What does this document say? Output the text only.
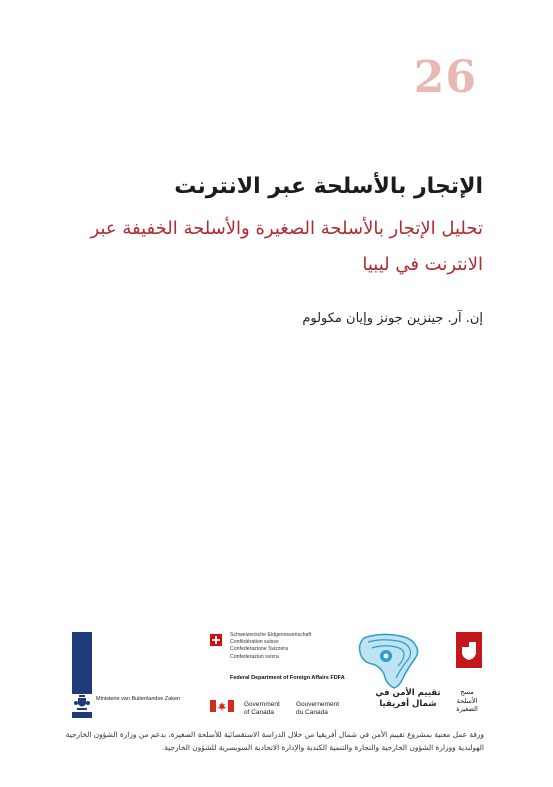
26
الإتجار بالأسلحة عبر الانترنت
تحليل الإتجار بالأسلحة الصغيرة والأسلحة الخفيفة عبر الانترنت في ليبيا
إن. آر. جينزين جونز وإيان مكولوم
Ministerie van Buitenlandse Zaken
Schweizerische Eidgenossenschaft
Confédération suisse
Confederazione Svizzera
Confederaziun svizra
Federal Department of Foreign Affairs FDFA
Government
of Canada
Gouvernement
du Canada
تقييم الأمن في
شمال أفريقيا
مسح
الأسلحة
الصغيرة
ورقة عمل معنية بمشروع تقييم الأمن في شمال أفريقيا من خلال الدراسة الاستقصائية للأسلحة الصغيرة، بدعم من وزارة الشؤون الخارجية الهولندية ووزارة الشؤون الخارجية والتجارة والتنمية الكندية والإدارة الاتحادية السويسرية للشؤون الخارجية.
